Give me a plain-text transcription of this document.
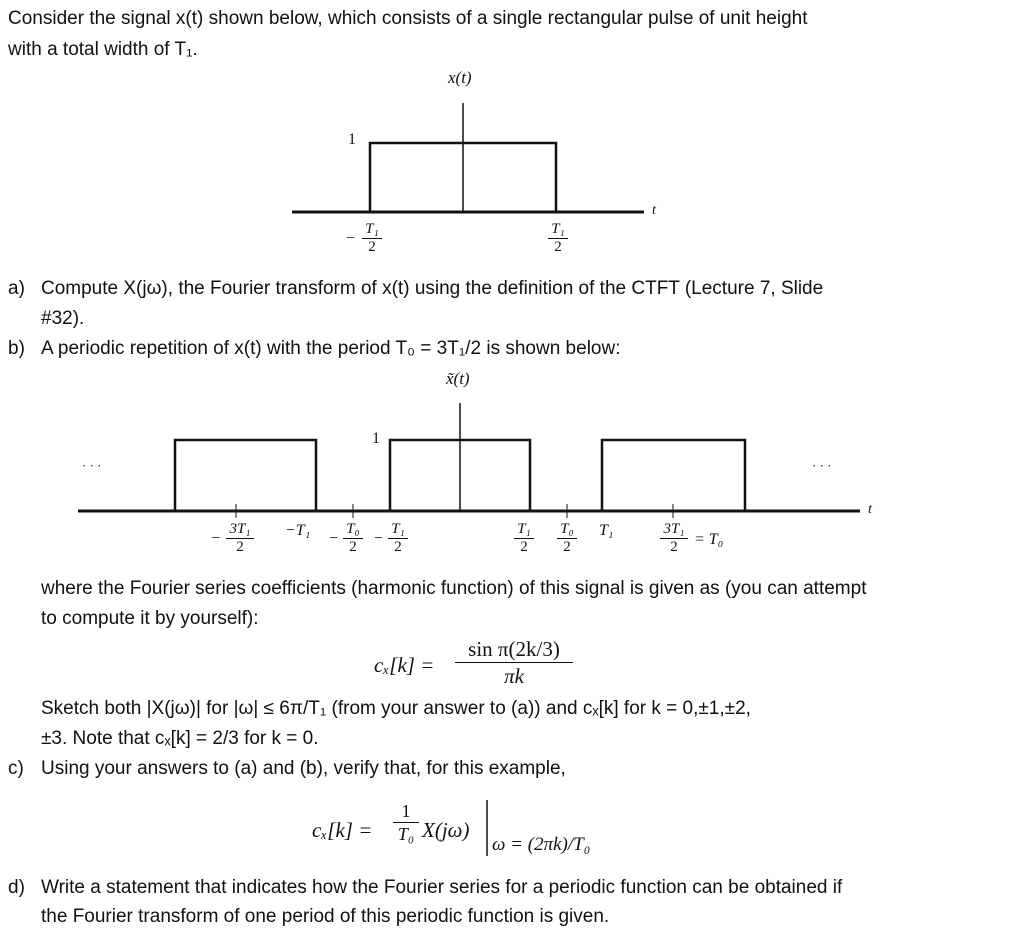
Consider the signal x(t) shown below, which consists of a single rectangular pulse of unit height
with a total width of T₁.
x(t)
1
t
−
T₁
2
T₁
2
a) Compute X(jω), the Fourier transform of x(t) using the definition of the CTFT (Lecture 7, Slide
#32).
b) A periodic repetition of x(t) with the period T₀ = 3T₁/2 is shown below:
x̃(t)
1
· · ·	· · ·
t
−
3T₁
2
−T₁ −
T₀
2	−
T₁
2
T₁
2
T₀
2
T₁	3T₁
2	= T₀
where the Fourier series coefficients (harmonic function) of this signal is given as (you can attempt
to compute it by yourself):
cₓ[k] =
sin π(2k/3)
πk
Sketch both |X(jω)| for |ω| ≤ 6π/T₁ (from your answer to (a)) and cₓ[k] for k = 0,±1,±2,
±3. Note that cₓ[k] = 2/3 for k = 0.
c) Using your answers to (a) and (b), verify that, for this example,
cₓ[k] =
1
T₀ X(jω)
ω = (2πk)/T₀
d) Write a statement that indicates how the Fourier series for a periodic function can be obtained if
the Fourier transform of one period of this periodic function is given.
